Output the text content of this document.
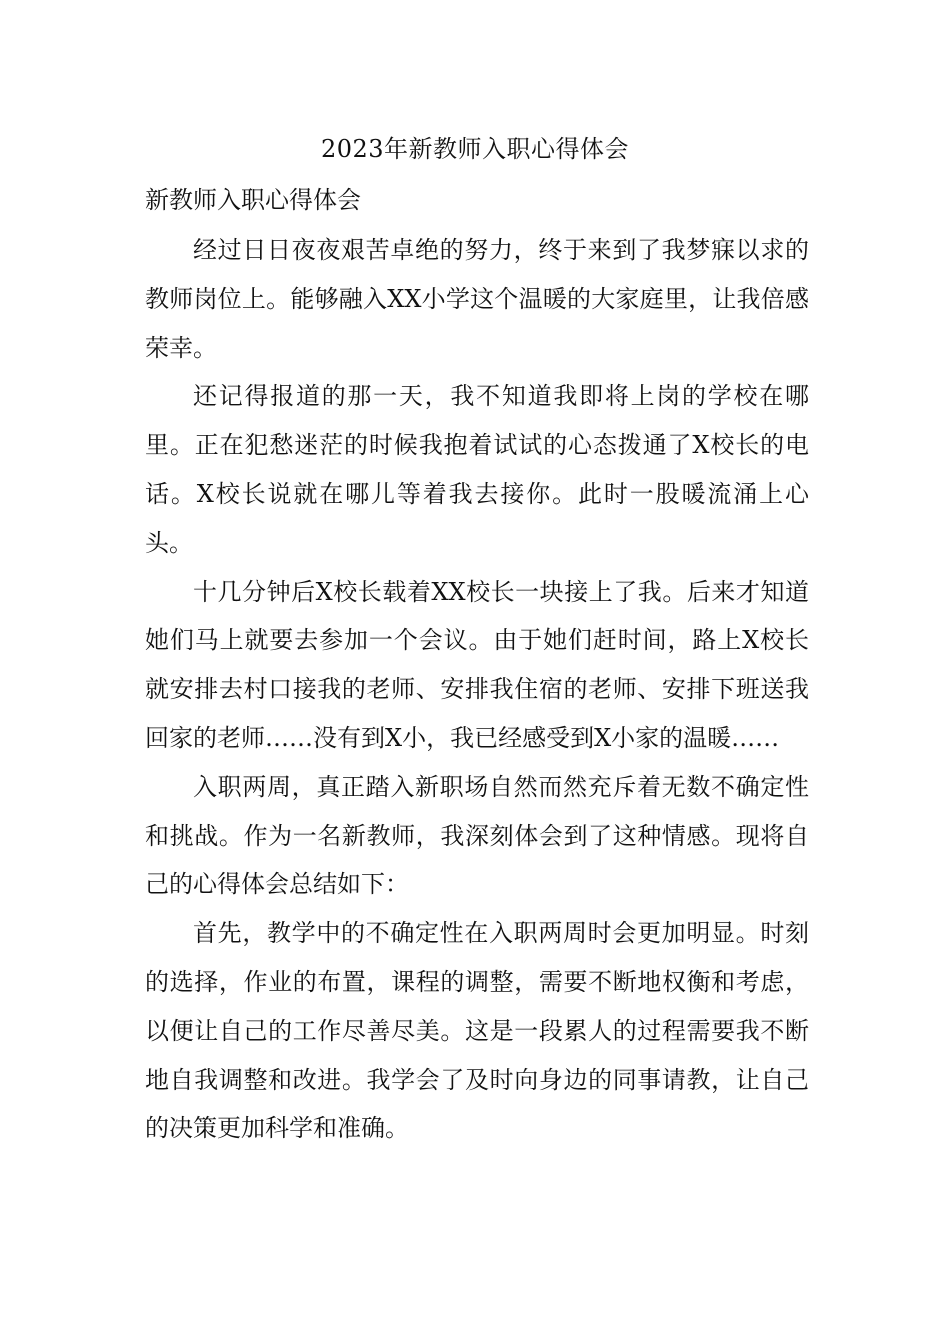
2023年新教师入职心得体会

新教师入职心得体会

经过日日夜夜艰苦卓绝的努力，终于来到了我梦寐以求的教师岗位上。能够融入XX小学这个温暖的大家庭里，让我倍感荣幸。

还记得报道的那一天，我不知道我即将上岗的学校在哪里。正在犯愁迷茫的时候我抱着试试的心态拨通了X校长的电话。X校长说就在哪儿等着我去接你。此时一股暖流涌上心头。

十几分钟后X校长载着XX校长一块接上了我。后来才知道她们马上就要去参加一个会议。由于她们赶时间，路上X校长就安排去村口接我的老师、安排我住宿的老师、安排下班送我回家的老师……没有到X小，我已经感受到X小家的温暖……

入职两周，真正踏入新职场自然而然充斥着无数不确定性和挑战。作为一名新教师，我深刻体会到了这种情感。现将自己的心得体会总结如下：

首先，教学中的不确定性在入职两周时会更加明显。时刻的选择，作业的布置，课程的调整，需要不断地权衡和考虑，以便让自己的工作尽善尽美。这是一段累人的过程需要我不断地自我调整和改进。我学会了及时向身边的同事请教，让自己的决策更加科学和准确。
